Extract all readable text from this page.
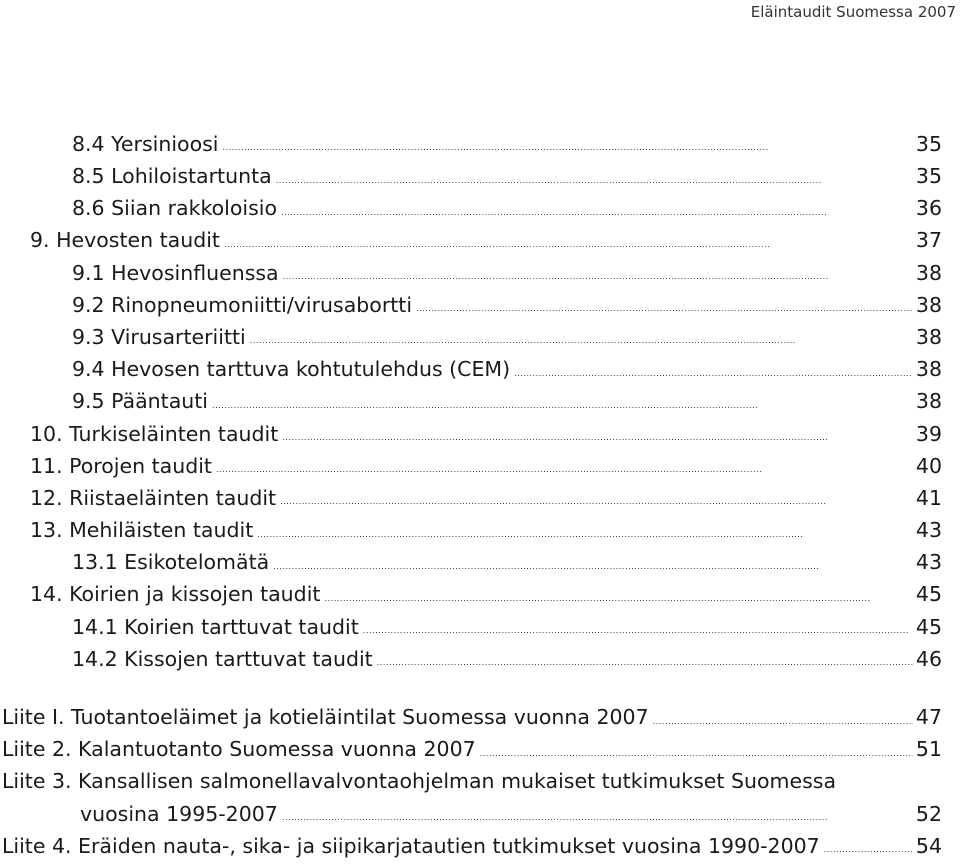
Eläintaudit Suomessa 2007
8.4 Yersinioosi . . .	35
8.5 Lohiloistartunta . . .	35
8.6 Siian rakkoloisio . . .	36
9. Hevosten taudit . . .	37
9.1 Hevosinfluenssa . . .	38
9.2 Rinopneumoniitti/virusabortti . . .	38
9.3 Virusarteriitti . . .	38
9.4 Hevosen tarttuva kohtutulehdus (CEM) . . .	38
9.5 Pääntauti . . .	38
10. Turkiseläinten taudit . . .	39
11. Porojen taudit . . .	40
12. Riistaeläinten taudit . . .	41
13. Mehiläisten taudit . . .	43
13.1 Esikotelomätä . . .	43
14. Koirien ja kissojen taudit . . .	45
14.1 Koirien tarttuvat taudit . . .	45
14.2 Kissojen tarttuvat taudit . . .	46
Liite I. Tuotantoeläimet ja kotieläintilat Suomessa vuonna 2007 . . .	47
Liite 2. Kalantuotanto Suomessa vuonna 2007 . . .	51
Liite 3. Kansallisen salmonellavalvontaohjelman mukaiset tutkimukset Suomessa
vuosina 1995-2007 . . .	52
Liite 4. Eräiden nauta-, sika- ja siipikarjatautien tutkimukset vuosina 1990-2007 . . .	54
